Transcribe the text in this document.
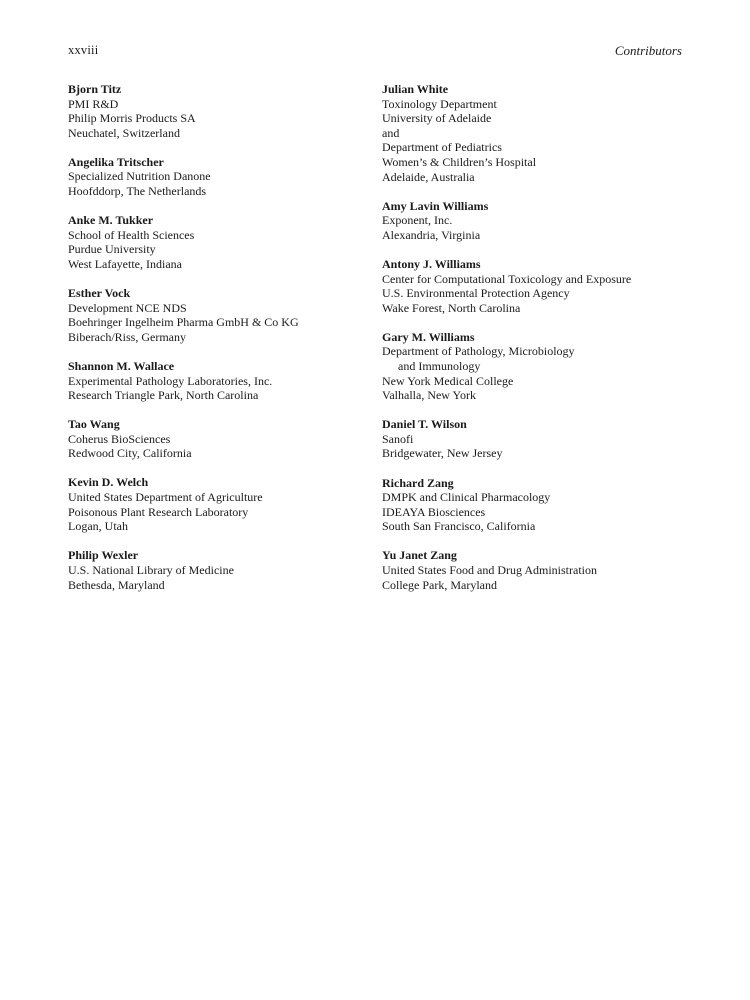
xxviii	Contributors
Bjorn Titz
PMI R&D
Philip Morris Products SA
Neuchatel, Switzerland
Angelika Tritscher
Specialized Nutrition Danone
Hoofddorp, The Netherlands
Anke M. Tukker
School of Health Sciences
Purdue University
West Lafayette, Indiana
Esther Vock
Development NCE NDS
Boehringer Ingelheim Pharma GmbH & Co KG
Biberach/Riss, Germany
Shannon M. Wallace
Experimental Pathology Laboratories, Inc.
Research Triangle Park, North Carolina
Tao Wang
Coherus BioSciences
Redwood City, California
Kevin D. Welch
United States Department of Agriculture
Poisonous Plant Research Laboratory
Logan, Utah
Philip Wexler
U.S. National Library of Medicine
Bethesda, Maryland
Julian White
Toxinology Department
University of Adelaide
and
Department of Pediatrics
Women’s & Children’s Hospital
Adelaide, Australia
Amy Lavin Williams
Exponent, Inc.
Alexandria, Virginia
Antony J. Williams
Center for Computational Toxicology and Exposure
U.S. Environmental Protection Agency
Wake Forest, North Carolina
Gary M. Williams
Department of Pathology, Microbiology
and Immunology
New York Medical College
Valhalla, New York
Daniel T. Wilson
Sanofi
Bridgewater, New Jersey
Richard Zang
DMPK and Clinical Pharmacology
IDEAYA Biosciences
South San Francisco, California
Yu Janet Zang
United States Food and Drug Administration
College Park, Maryland
